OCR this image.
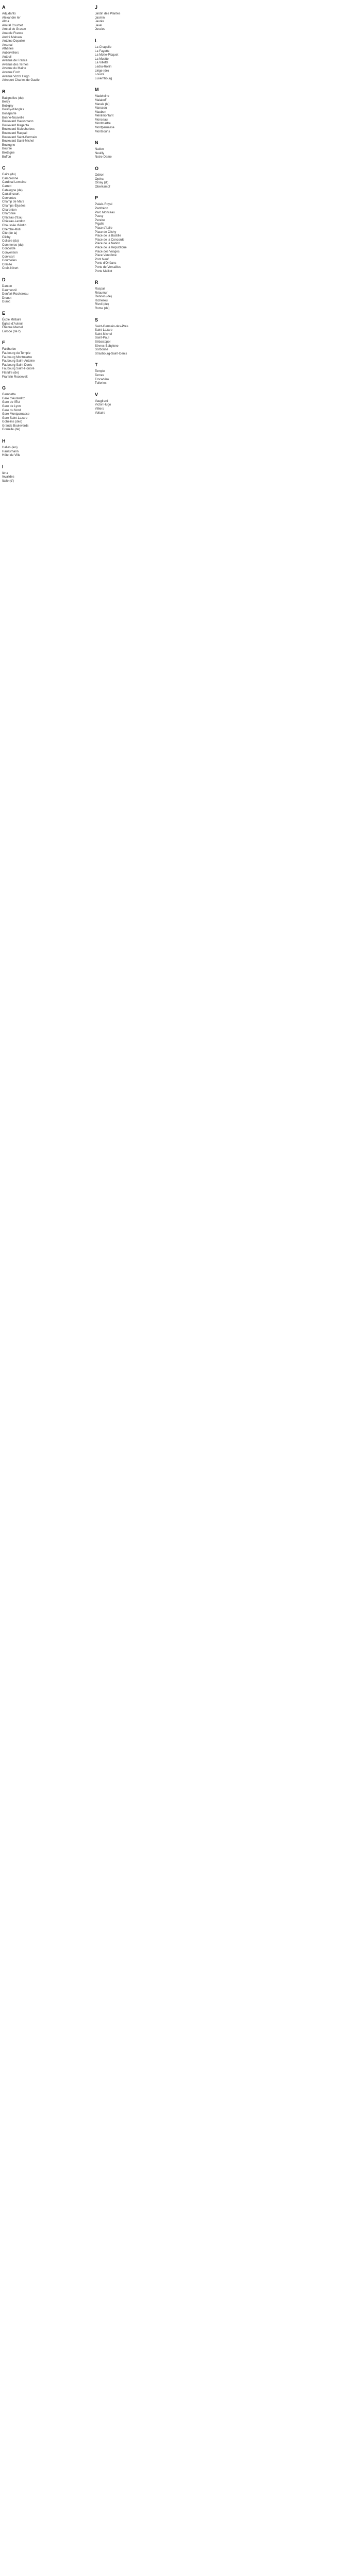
A
Adjudants
Alexandre Ier
Alma
Amiral Courbet
Amiral de Grasse
Anatole France
André Malraux
Antoine Depolier
Arsenal
Athénée
Aubervilliers
Auteuil
Avenue de France
Avenue des Ternes
Avenue du Maine
Avenue Foch
Avenue Victor Hugo
Aéroport Charles de Gaulle
B
Batignolles (du)
Bercy
Bobigny
Boissy-d'Anglas
Bonaparte
Bonne-Nouvelle
Boulevard Haussmann
Boulevard Magenta
Boulevard Malesherbes
Boulevard Raspail
Boulevard Saint-Germain
Boulevard Saint-Michel
Boulogne
Bourse
Bretagne
Buffon
C
Caire (du)
Cambronne
Cardinal Lemoine
Carnot
Catalogne (de)
Caulaincourt
Cervantes
Champ de Mars
Champs-Élysées
Charenton
Charonne
Château d'Eau
Château-Landon
Chaussée d'Antin
Cherche-Midi
Cité (de la)
Clichy
Colisée (du)
Commerce (du)
Concorde
Convention
Corvisart
Courcelles
Crimée
Croix-Nivert
D
Danton
Daumesnil
Denfert-Rochereau
Drouot
Duroc
E
École Militaire
Église d'Auteuil
Étienne Marcel
Europe (de l')
F
Faidherbe
Faubourg du Temple
Faubourg Montmartre
Faubourg Saint-Antoine
Faubourg Saint-Denis
Faubourg Saint-Honoré
Flandre (de)
Franklin Roosevelt
G
Gambetta
Gare d'Austerlitz
Gare de l'Est
Gare de Lyon
Gare du Nord
Gare Montparnasse
Gare Saint-Lazare
Gobelins (des)
Grands Boulevards
Grenelle (de)
H
Halles (les)
Haussmann
Hôtel de Ville
I
Iéna
Invalides
Italie (d')
J
Jardin des Plantes
Jasmin
Jaurès
Javel
Jussieu
L
La Chapelle
La Fayette
La Motte-Picquet
La Muette
La Villette
Ledru-Rollin
Liège (de)
Louvre
Luxembourg
M
Madeleine
Malakoff
Marais (le)
Marceau
Maubert
Ménilmontant
Monceau
Montmartre
Montparnasse
Montsouris
N
Nation
Neuilly
Notre-Dame
O
Odéon
Opéra
Orsay (d')
Oberkampf
P
Palais-Royal
Panthéon
Parc Monceau
Passy
Pereire
Pigalle
Place d'Italie
Place de Clichy
Place de la Bastille
Place de la Concorde
Place de la Nation
Place de la République
Place des Vosges
Place Vendôme
Pont Neuf
Porte d'Orléans
Porte de Versailles
Porte Maillot
R
Raspail
Réaumur
Rennes (de)
Richelieu
Rivoli (de)
Rome (de)
S
Saint-Germain-des-Prés
Saint-Lazare
Saint-Michel
Saint-Paul
Sébastopol
Sèvres-Babylone
Sorbonne
Strasbourg-Saint-Denis
T
Temple
Ternes
Trocadéro
Tuileries
V
Vaugirard
Victor Hugo
Villiers
Voltaire
